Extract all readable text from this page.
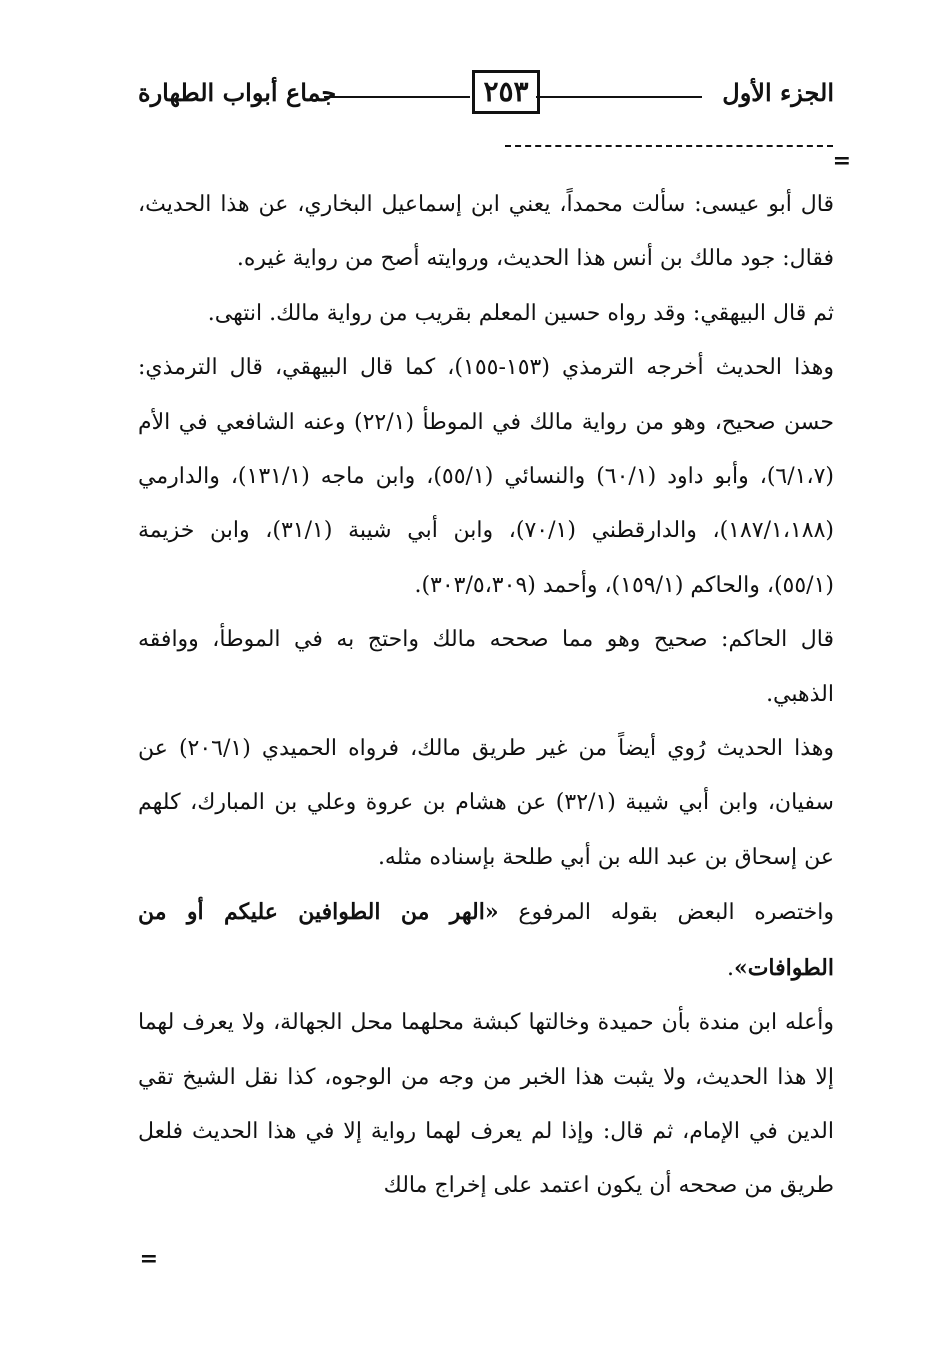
الجزء الأول
٢٥٣
جماع أبواب الطهارة
=

قال أبو عيسى: سألت محمداً، يعني ابن إسماعيل البخاري، عن هذا الحديث، فقال: جود مالك بن أنس هذا الحديث، وروايته أصح من رواية غيره.

ثم قال البيهقي: وقد رواه حسين المعلم بقريب من رواية مالك. انتهى.

وهذا الحديث أخرجه الترمذي (١٥٣-١٥٥)، كما قال البيهقي، قال الترمذي: حسن صحيح، وهو من رواية مالك في الموطأ (٢٢/١) وعنه الشافعي في الأم (٦/١،٧)، وأبو داود (٦٠/١) والنسائي (٥٥/١)، وابن ماجه (١٣١/١)، والدارمي (١٨٧/١،١٨٨)، والدارقطني (٧٠/١)، وابن أبي شيبة (٣١/١)، وابن خزيمة (٥٥/١)، والحاكم (١٥٩/١)، وأحمد (٣٠٣/٥،٣٠٩).

قال الحاكم: صحيح وهو مما صححه مالك واحتج به في الموطأ، ووافقه الذهبي.

وهذا الحديث رُوي أيضاً من غير طريق مالك، فرواه الحميدي (٢٠٦/١) عن سفيان، وابن أبي شيبة (٣٢/١) عن هشام بن عروة وعلي بن المبارك، كلهم عن إسحاق بن عبد الله بن أبي طلحة بإسناده مثله.

واختصره البعض بقوله المرفوع «الهر من الطوافين عليكم أو من الطوافات».

وأعله ابن مندة بأن حميدة وخالتها كبشة محلهما محل الجهالة، ولا يعرف لهما إلا هذا الحديث، ولا يثبت هذا الخبر من وجه من الوجوه، كذا نقل الشيخ تقي الدين في الإمام، ثم قال: وإذا لم يعرف لهما رواية إلا في هذا الحديث فلعل طريق من صححه أن يكون اعتمد على إخراج مالك

=
